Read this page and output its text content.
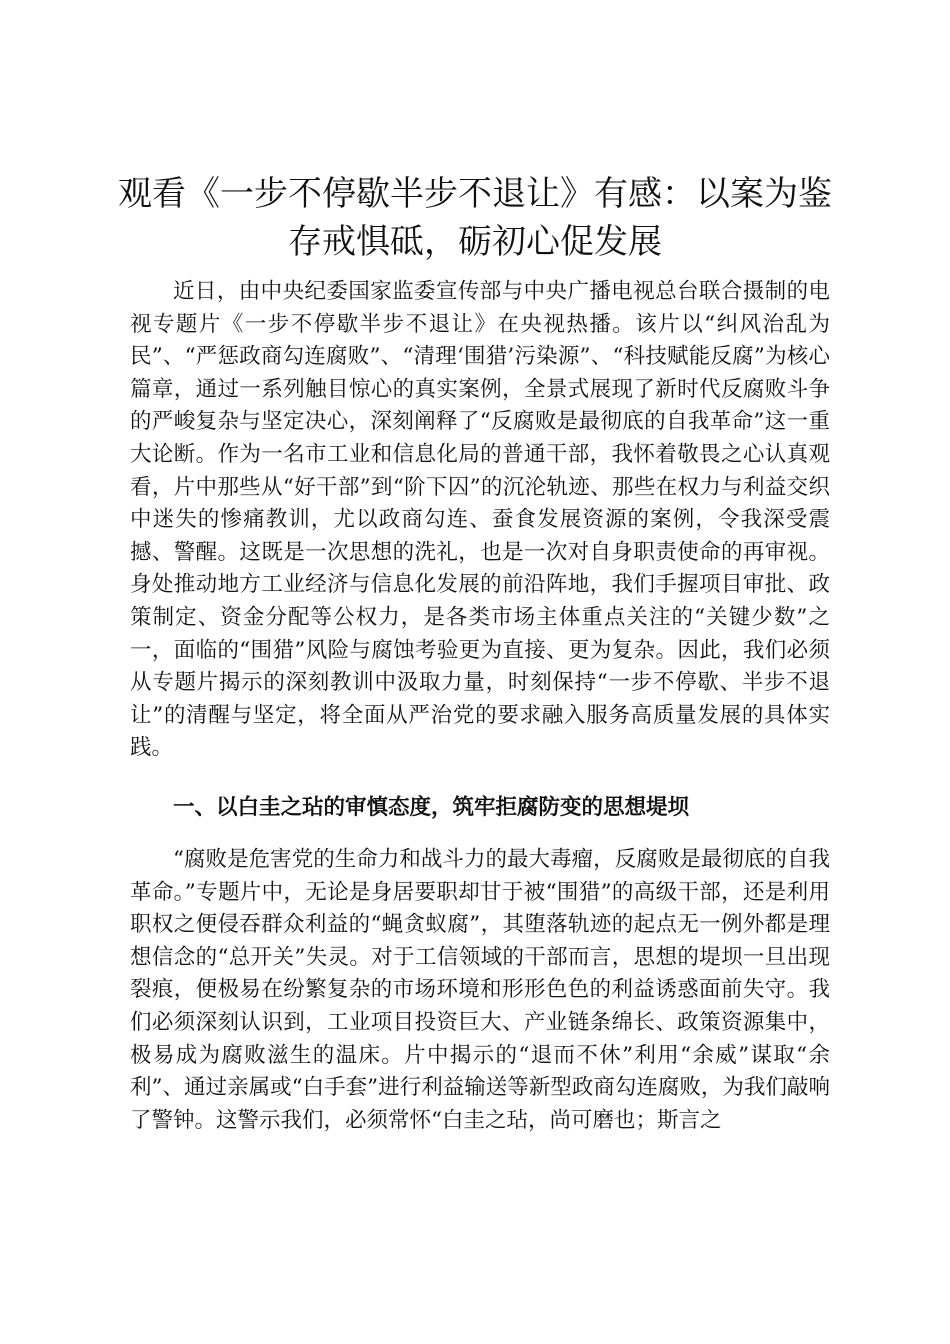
观看《一步不停歇半步不退让》有感：以案为鉴存戒惧砥，砺初心促发展

近日，由中央纪委国家监委宣传部与中央广播电视总台联合摄制的电视专题片《一步不停歇半步不退让》在央视热播。该片以“纠风治乱为民”、“严惩政商勾连腐败”、“清理‘围猎’污染源”、“科技赋能反腐”为核心篇章，通过一系列触目惊心的真实案例，全景式展现了新时代反腐败斗争的严峻复杂与坚定决心，深刻阐释了“反腐败是最彻底的自我革命”这一重大论断。作为一名市工业和信息化局的普通干部，我怀着敬畏之心认真观看，片中那些从“好干部”到“阶下囚”的沉沦轨迹、那些在权力与利益交织中迷失的惨痛教训，尤以政商勾连、蚕食发展资源的案例，令我深受震撼、警醒。这既是一次思想的洗礼，也是一次对自身职责使命的再审视。身处推动地方工业经济与信息化发展的前沿阵地，我们手握项目审批、政策制定、资金分配等公权力，是各类市场主体重点关注的“关键少数”之一，面临的“围猎”风险与腐蚀考验更为直接、更为复杂。因此，我们必须从专题片揭示的深刻教训中汲取力量，时刻保持“一步不停歇、半步不退让”的清醒与坚定，将全面从严治党的要求融入服务高质量发展的具体实践。

一、以白圭之玷的审慎态度，筑牢拒腐防变的思想堤坝

“腐败是危害党的生命力和战斗力的最大毒瘤，反腐败是最彻底的自我革命。”专题片中，无论是身居要职却甘于被“围猎”的高级干部，还是利用职权之便侵吞群众利益的“蝇贪蚁腐”，其堕落轨迹的起点无一例外都是理想信念的“总开关”失灵。对于工信领域的干部而言，思想的堤坝一旦出现裂痕，便极易在纷繁复杂的市场环境和形形色色的利益诱惑面前失守。我们必须深刻认识到，工业项目投资巨大、产业链条绵长、政策资源集中，极易成为腐败滋生的温床。片中揭示的“退而不休”利用“余威”谋取“余利”、通过亲属或“白手套”进行利益输送等新型政商勾连腐败，为我们敲响了警钟。这警示我们，必须常怀“白圭之玷，尚可磨也；斯言之
